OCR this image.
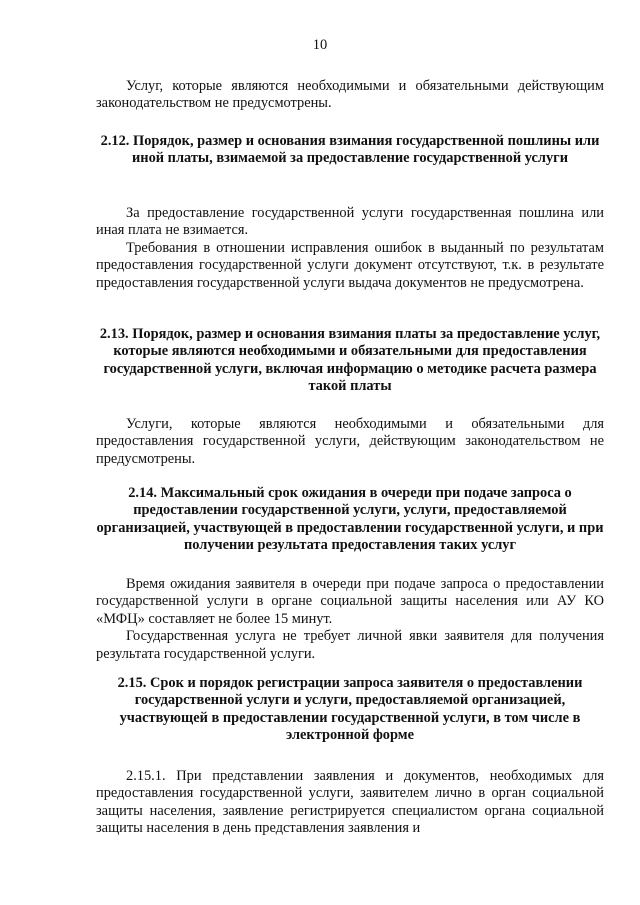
10

Услуг, которые являются необходимыми и обязательными действующим законодательством не предусмотрены.

2.12. Порядок, размер и основания взимания государственной пошлины или иной платы, взимаемой за предоставление государственной услуги

За предоставление государственной услуги государственная пошлина или иная плата не взимается.

Требования в отношении исправления ошибок в выданный по результатам предоставления государственной услуги документ отсутствуют, т.к. в результате предоставления государственной услуги выдача документов не предусмотрена.

2.13. Порядок, размер и основания взимания платы за предоставление услуг, которые являются необходимыми и обязательными для предоставления государственной услуги, включая информацию о методике расчета размера такой платы

Услуги, которые являются необходимыми и обязательными для предоставления государственной услуги, действующим законодательством не предусмотрены.

2.14. Максимальный срок ожидания в очереди при подаче запроса о предоставлении государственной услуги, услуги, предоставляемой организацией, участвующей в предоставлении государственной услуги, и при получении результата предоставления таких услуг

Время ожидания заявителя в очереди при подаче запроса о предоставлении государственной услуги в органе социальной защиты населения или АУ КО «МФЦ» составляет не более 15 минут.

Государственная услуга не требует личной явки заявителя для получения результата государственной услуги.

2.15. Срок и порядок регистрации запроса заявителя о предоставлении государственной услуги и услуги, предоставляемой организацией, участвующей в предоставлении государственной услуги, в том числе в электронной форме

2.15.1. При представлении заявления и документов, необходимых для предоставления государственной услуги, заявителем лично в орган социальной защиты населения, заявление регистрируется специалистом органа социальной защиты населения в день представления заявления и
